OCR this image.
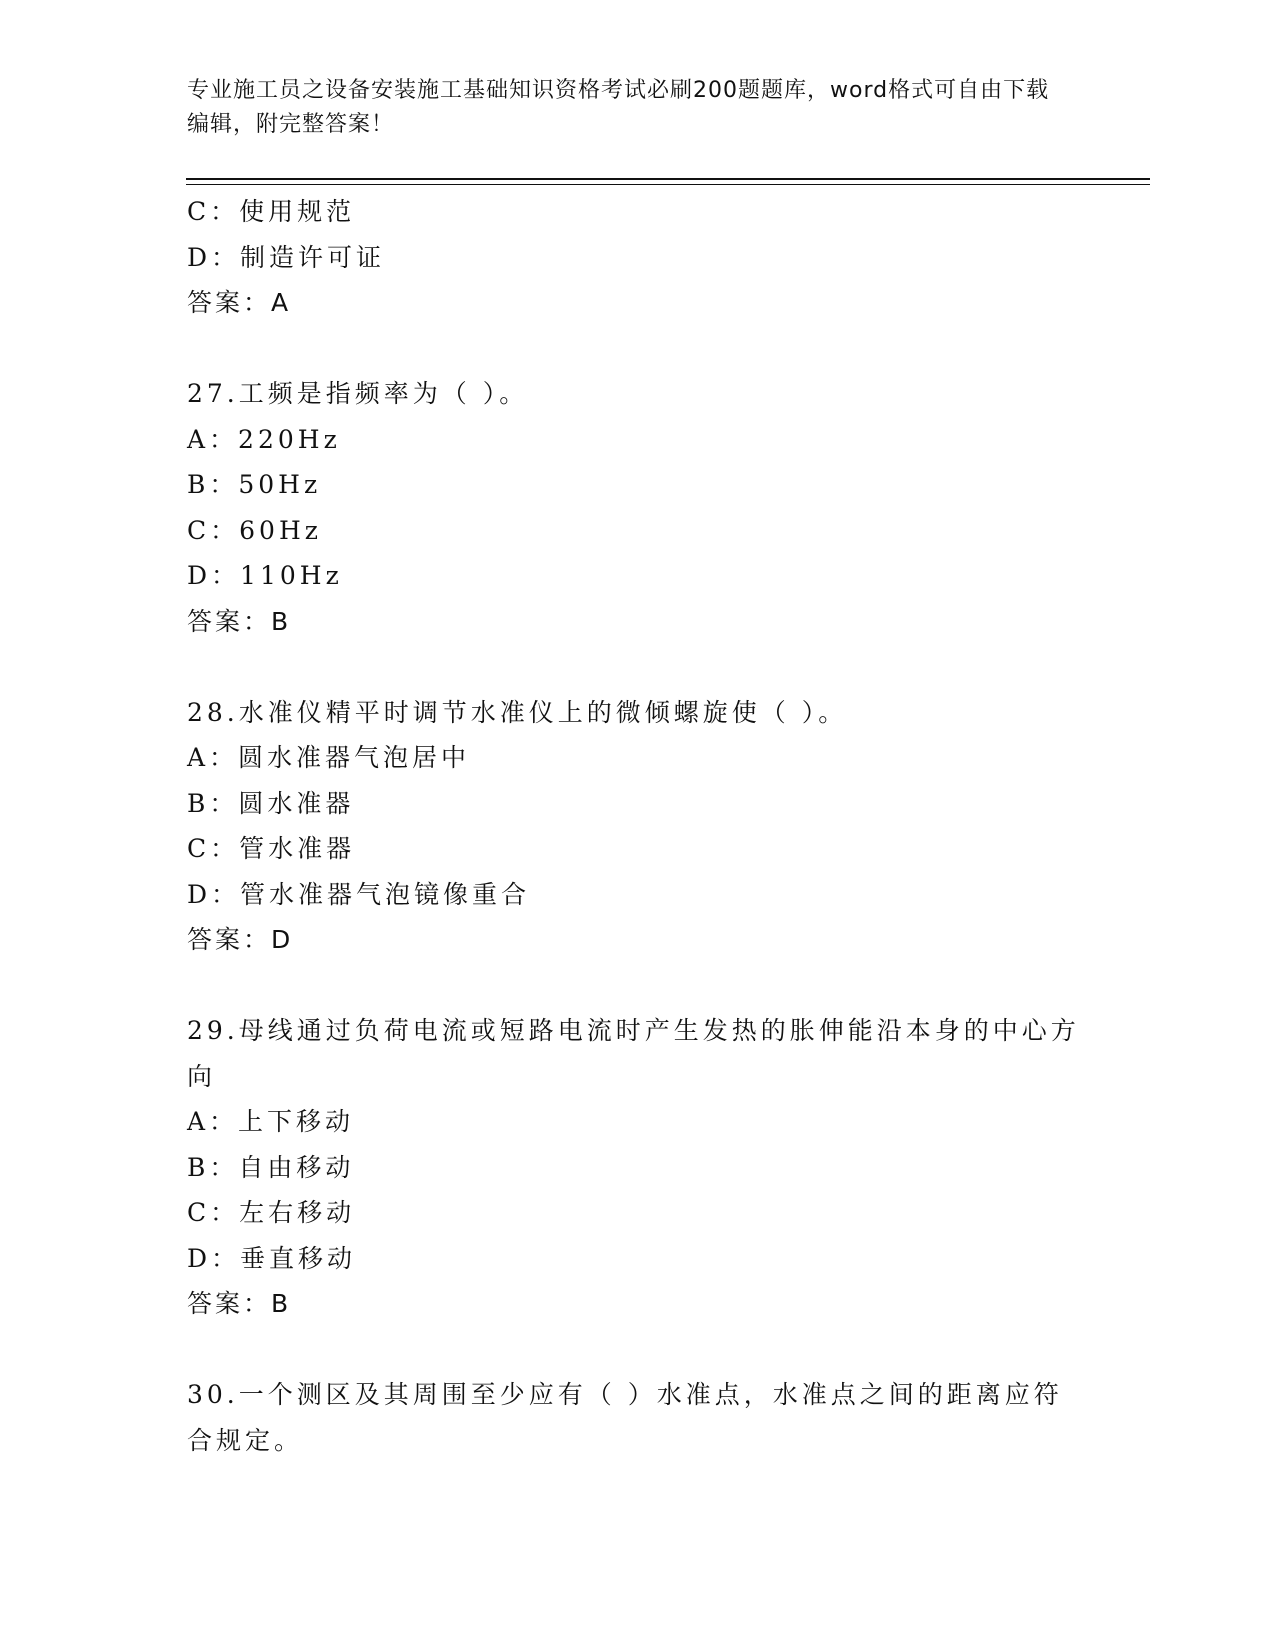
专业施工员之设备安装施工基础知识资格考试必刷200题题库，word格式可自由下载编辑，附完整答案！
C：使用规范
D：制造许可证
答案：A
27.工频是指频率为（ ）。
A：220Hz
B：50Hz
C：60Hz
D：110Hz
答案：B
28.水准仪精平时调节水准仪上的微倾螺旋使（ ）。
A：圆水准器气泡居中
B：圆水准器
C：管水准器
D：管水准器气泡镜像重合
答案：D
29.母线通过负荷电流或短路电流时产生发热的胀伸能沿本身的中心方向
A：上下移动
B：自由移动
C：左右移动
D：垂直移动
答案：B
30.一个测区及其周围至少应有（ ）水准点，水准点之间的距离应符合规定。
